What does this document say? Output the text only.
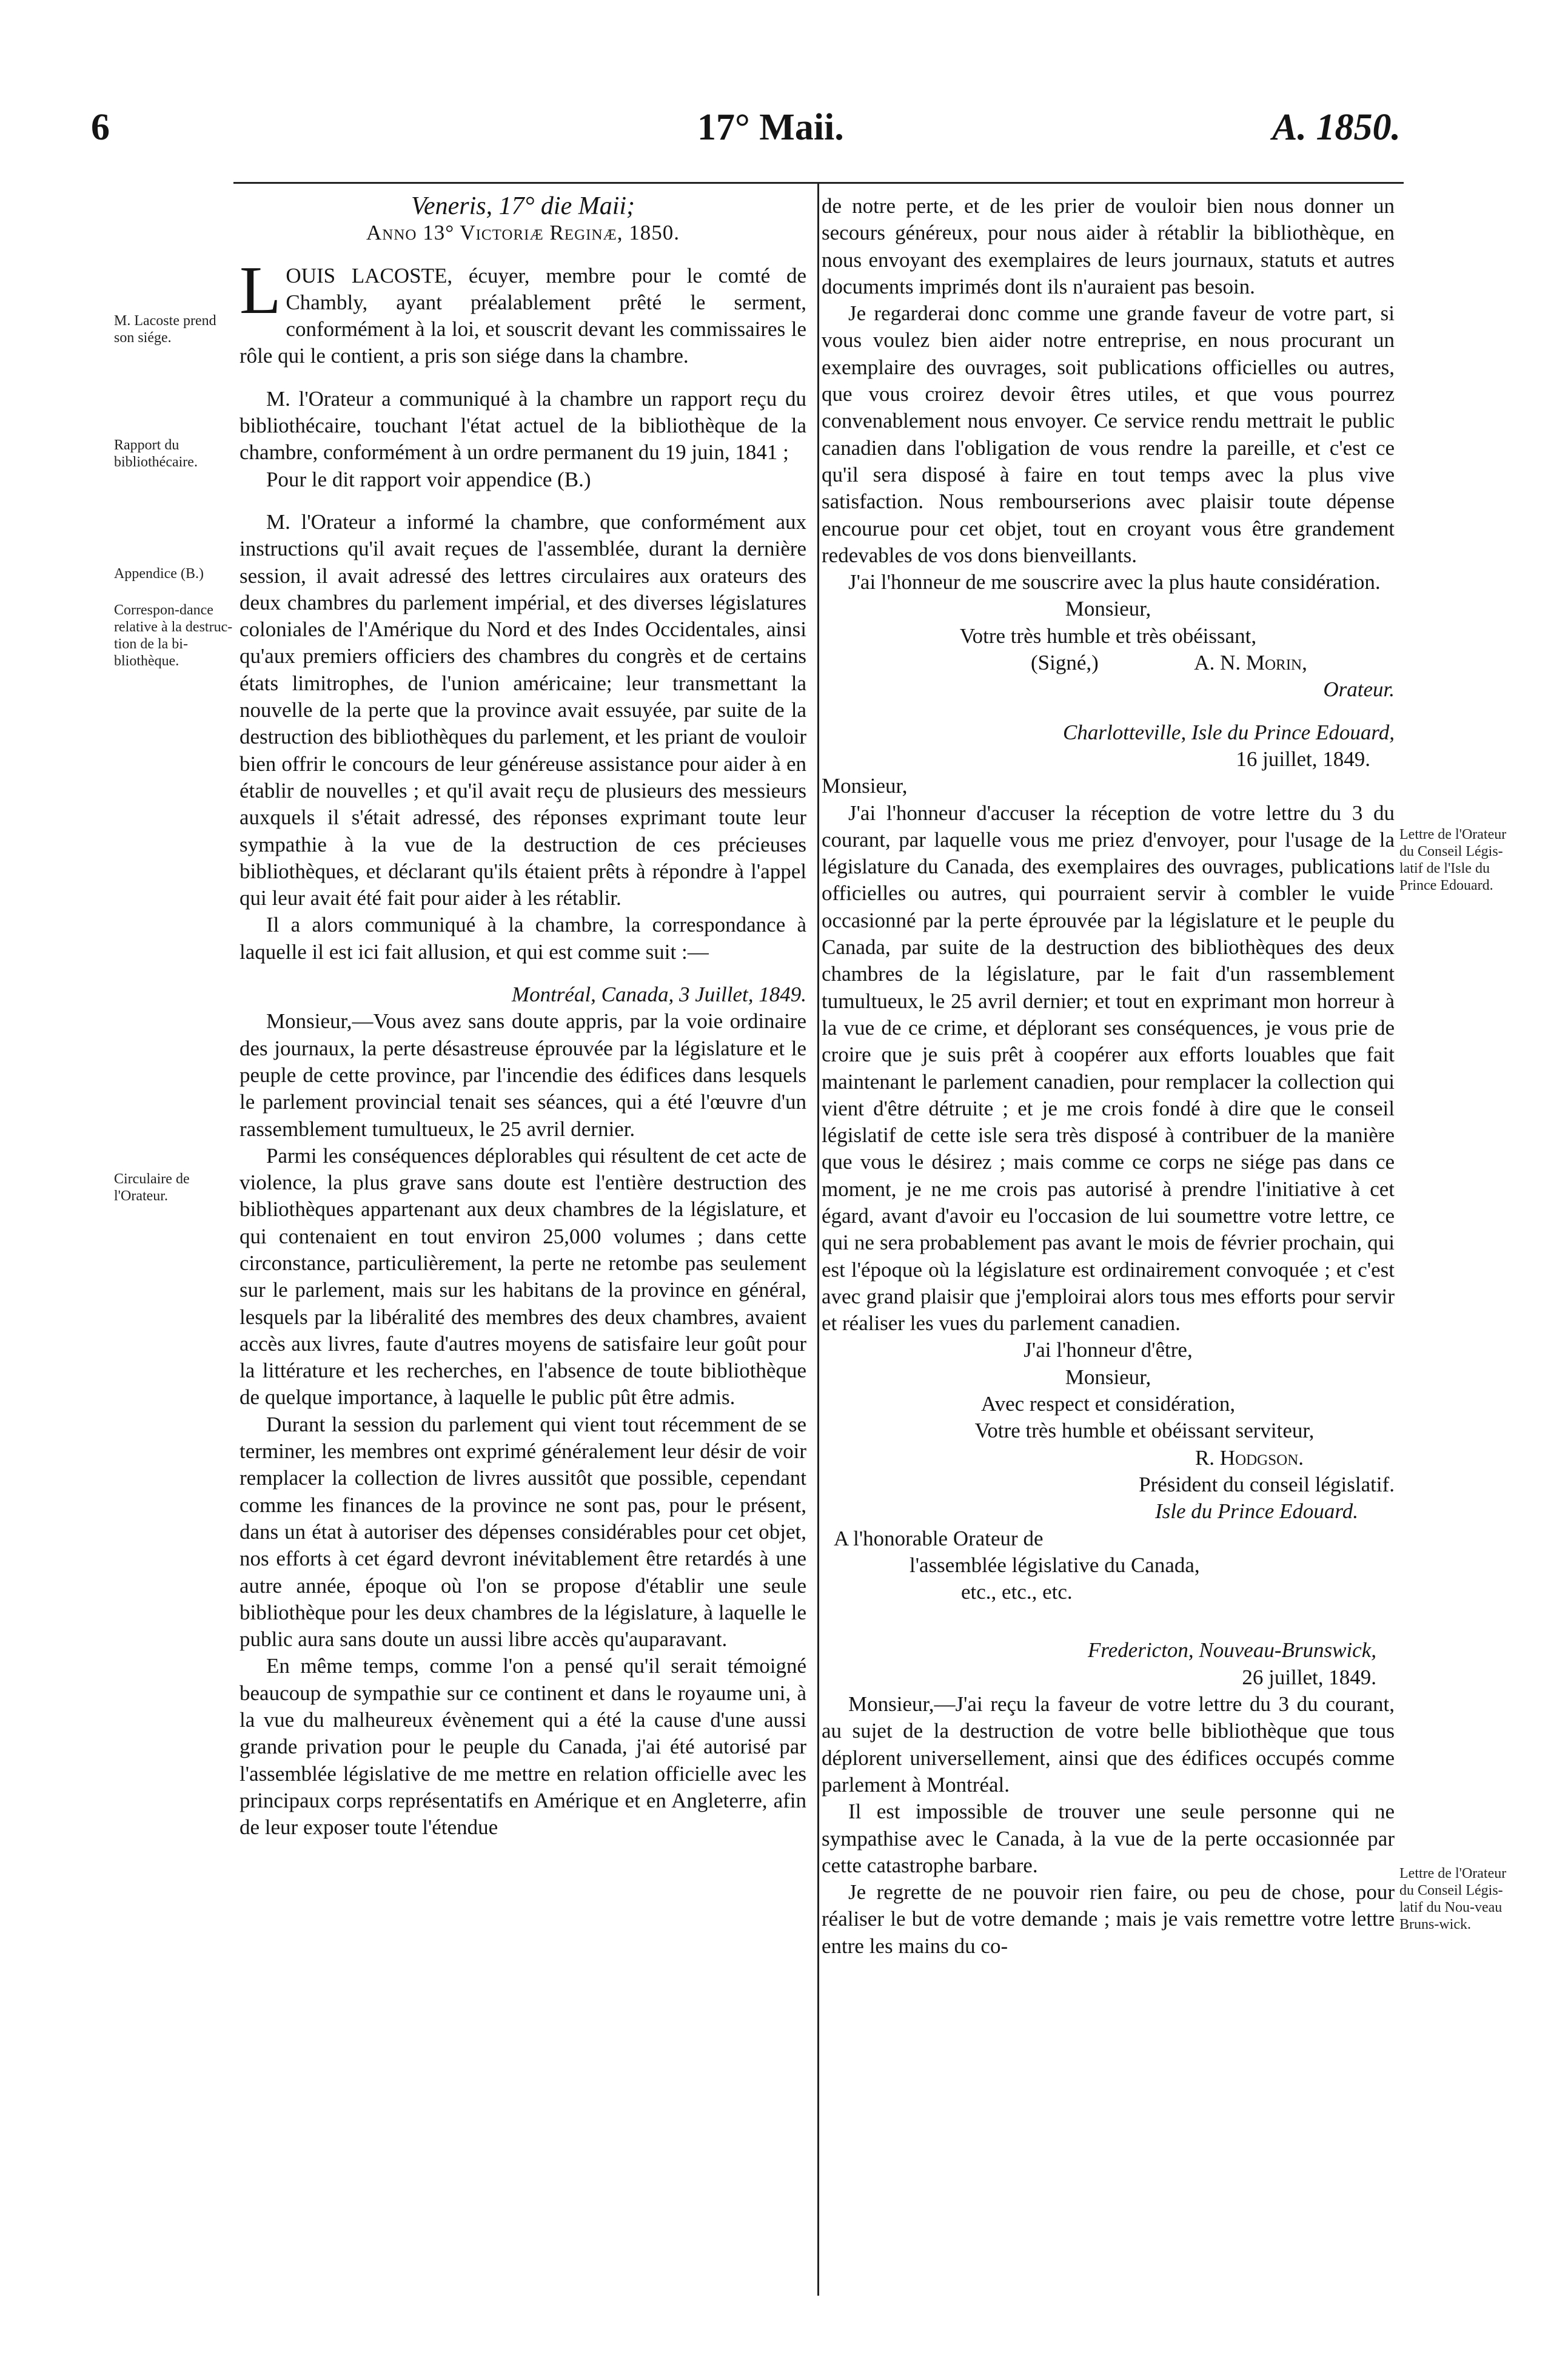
6	17° Maii.	A. 1850.
M. Lacoste prend son siége.
Rapport du bibliothécaire.
Appendice (B.)
Correspon-dance relative à la destruc-tion de la bi-bliothèque.
Circulaire de l'Orateur.
Lettre de l'Orateur du Conseil Légis-latif de l'Isle du Prince Edouard.
Lettre de l'Orateur du Conseil Légis-latif du Nou-veau Bruns-wick.
Veneris, 17° die Maii;
Anno 13° Victoriæ Reginæ, 1850.

LOUIS LACOSTE, écuyer, membre pour le comté de Chambly, ayant préalablement prêté le serment, conformément à la loi, et souscrit devant les commissaires le rôle qui le contient, a pris son siége dans la chambre.

M. l'Orateur a communiqué à la chambre un rapport reçu du bibliothécaire, touchant l'état actuel de la bibliothèque de la chambre, conformément à un ordre permanent du 19 juin, 1841 ;

Pour le dit rapport voir appendice (B.)

M. l'Orateur a informé la chambre, que conformément aux instructions qu'il avait reçues de l'assemblée, durant la dernière session, il avait adressé des lettres circulaires aux orateurs des deux chambres du parlement impérial, et des diverses législatures coloniales de l'Amérique du Nord et des Indes Occidentales, ainsi qu'aux premiers officiers des chambres du congrès et de certains états limitrophes, de l'union américaine; leur transmettant la nouvelle de la perte que la province avait essuyée, par suite de la destruction des bibliothèques du parlement, et les priant de vouloir bien offrir le concours de leur généreuse assistance pour aider à en établir de nouvelles ; et qu'il avait reçu de plusieurs des messieurs auxquels il s'était adressé, des réponses exprimant toute leur sympathie à la vue de la destruction de ces précieuses bibliothèques, et déclarant qu'ils étaient prêts à répondre à l'appel qui leur avait été fait pour aider à les rétablir.

Il a alors communiqué à la chambre, la correspondance à laquelle il est ici fait allusion, et qui est comme suit :—

Montréal, Canada, 3 Juillet, 1849.

Monsieur,—Vous avez sans doute appris, par la voie ordinaire des journaux, la perte désastreuse éprouvée par la législature et le peuple de cette province, par l'incendie des édifices dans lesquels le parlement provincial tenait ses séances, qui a été l'œuvre d'un rassemblement tumultueux, le 25 avril dernier.

Parmi les conséquences déplorables qui résultent de cet acte de violence, la plus grave sans doute est l'entière destruction des bibliothèques appartenant aux deux chambres de la législature, et qui contenaient en tout environ 25,000 volumes ; dans cette circonstance, particulièrement, la perte ne retombe pas seulement sur le parlement, mais sur les habitans de la province en général, lesquels par la libéralité des membres des deux chambres, avaient accès aux livres, faute d'autres moyens de satisfaire leur goût pour la littérature et les recherches, en l'absence de toute bibliothèque de quelque importance, à laquelle le public pût être admis.

Durant la session du parlement qui vient tout récemment de se terminer, les membres ont exprimé généralement leur désir de voir remplacer la collection de livres aussitôt que possible, cependant comme les finances de la province ne sont pas, pour le présent, dans un état à autoriser des dépenses considérables pour cet objet, nos efforts à cet égard devront inévitablement être retardés à une autre année, époque où l'on se propose d'établir une seule bibliothèque pour les deux chambres de la législature, à laquelle le public aura sans doute un aussi libre accès qu'auparavant.

En même temps, comme l'on a pensé qu'il serait témoigné beaucoup de sympathie sur ce continent et dans le royaume uni, à la vue du malheureux évènement qui a été la cause d'une aussi grande privation pour le peuple du Canada, j'ai été autorisé par l'assemblée législative de me mettre en relation officielle avec les principaux corps représentatifs en Amérique et en Angleterre, afin de leur exposer toute l'étendue

de notre perte, et de les prier de vouloir bien nous donner un secours généreux, pour nous aider à rétablir la bibliothèque, en nous envoyant des exemplaires de leurs journaux, statuts et autres documents imprimés dont ils n'auraient pas besoin.

Je regarderai donc comme une grande faveur de votre part, si vous voulez bien aider notre entreprise, en nous procurant un exemplaire des ouvrages, soit publications officielles ou autres, que vous croirez devoir êtres utiles, et que vous pourrez convenablement nous envoyer. Ce service rendu mettrait le public canadien dans l'obligation de vous rendre la pareille, et c'est ce qu'il sera disposé à faire en tout temps avec la plus vive satisfaction. Nous rembourserions avec plaisir toute dépense encourue pour cet objet, tout en croyant vous être grandement redevables de vos dons bienveillants.

J'ai l'honneur de me souscrire avec la plus haute considération.

Monsieur,
Votre très humble et très obéissant,
(Signé,)	A. N. Morin,
Orateur.
Charlotteville, Isle du Prince Edouard,
16 juillet, 1849.

Monsieur,

J'ai l'honneur d'accuser la réception de votre lettre du 3 du courant, par laquelle vous me priez d'envoyer, pour l'usage de la législature du Canada, des exemplaires des ouvrages, publications officielles ou autres, qui pourraient servir à combler le vuide occasionné par la perte éprouvée par la législature et le peuple du Canada, par suite de la destruction des bibliothèques des deux chambres de la législature, par le fait d'un rassemblement tumultueux, le 25 avril dernier; et tout en exprimant mon horreur à la vue de ce crime, et déplorant ses conséquences, je vous prie de croire que je suis prêt à coopérer aux efforts louables que fait maintenant le parlement canadien, pour remplacer la collection qui vient d'être détruite ; et je me crois fondé à dire que le conseil législatif de cette isle sera très disposé à contribuer de la manière que vous le désirez ; mais comme ce corps ne siége pas dans ce moment, je ne me crois pas autorisé à prendre l'initiative à cet égard, avant d'avoir eu l'occasion de lui soumettre votre lettre, ce qui ne sera probablement pas avant le mois de février prochain, qui est l'époque où la législature est ordinairement convoquée ; et c'est avec grand plaisir que j'emploirai alors tous mes efforts pour servir et réaliser les vues du parlement canadien.

J'ai l'honneur d'être,
Monsieur,
Avec respect et considération,
Votre très humble et obéissant serviteur,
R. Hodgson.
Président du conseil législatif.
Isle du Prince Edouard.
A l'honorable Orateur de
l'assemblée législative du Canada,
etc., etc., etc.
Fredericton, Nouveau-Brunswick,
26 juillet, 1849.

Monsieur,—J'ai reçu la faveur de votre lettre du 3 du courant, au sujet de la destruction de votre belle bibliothèque que tous déplorent universellement, ainsi que des édifices occupés comme parlement à Montréal.

Il est impossible de trouver une seule personne qui ne sympathise avec le Canada, à la vue de la perte occasionnée par cette catastrophe barbare.

Je regrette de ne pouvoir rien faire, ou peu de chose, pour réaliser le but de votre demande ; mais je vais remettre votre lettre entre les mains du co-
